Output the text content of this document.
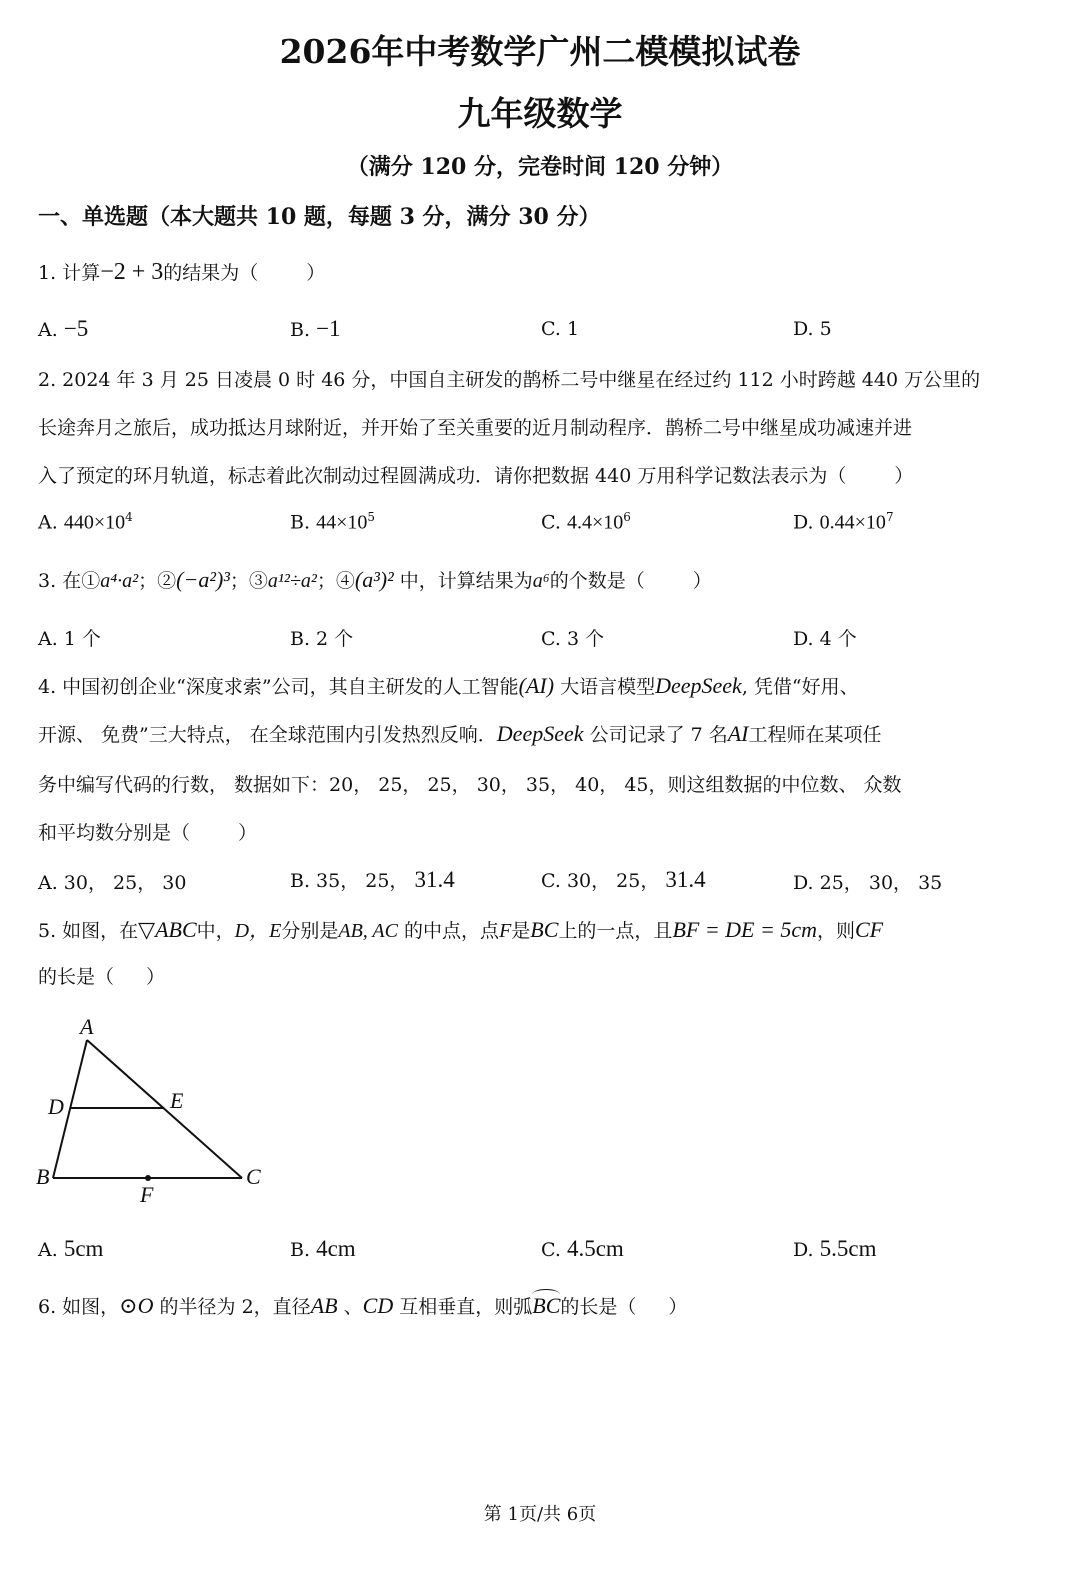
2026年中考数学广州二模模拟试卷
九年级数学
（满分 120 分，完卷时间 120 分钟）
一、单选题（本大题共 10 题，每题 3 分，满分 30 分）
1. 计算−2 + 3的结果为（	）
A. −5	B. −1	C. 1	D. 5
2. 2024 年 3 月 25 日凌晨 0 时 46 分，中国自主研发的鹊桥二号中继星在经过约 112 小时跨越 440 万公里的
长途奔月之旅后，成功抵达月球附近，并开始了至关重要的近月制动程序．鹊桥二号中继星成功减速并进
入了预定的环月轨道，标志着此次制动过程圆满成功．请你把数据 440 万用科学记数法表示为（	）
A. $440\times 10^4$	B. $44\times 10^5$	C. $4.4\times 10^6$	D. $0.44\times 10^7$
3. 在①a⁴·a²；②(−a²)³；③a¹²÷a²；④(a³)² 中，计算结果为a⁶的个数是（	）
A. 1 个	B. 2 个	C. 3 个	D. 4 个
4. 中国初创企业“深度求索”公司，其自主研发的人工智能(AI) 大语言模型DeepSeek, 凭借“好用、
开源、 免费”三大特点， 在全球范围内引发热烈反响．DeepSeek 公司记录了 7 名AI工程师在某项任
务中编写代码的行数， 数据如下：20， 25， 25， 30， 35， 40， 45，则这组数据的中位数、 众数
和平均数分别是（	）
A. 30， 25， 30	B. 35， 25， 31.4	C. 30， 25， 31.4	D. 25， 30， 35
5. 如图，在▽ABC中，D，E分别是AB, AC 的中点，点F是BC上的一点，且BF = DE = 5cm，则CF
的长是（ ）
A
D	E
B	C
F
A. 5cm	B. 4cm	C. 4.5cm	D. 5.5cm
6. 如图，⊙O 的半径为 2，直径AB 、CD 互相垂直，则弧BC的长是（ ）
第 1页/共 6页
